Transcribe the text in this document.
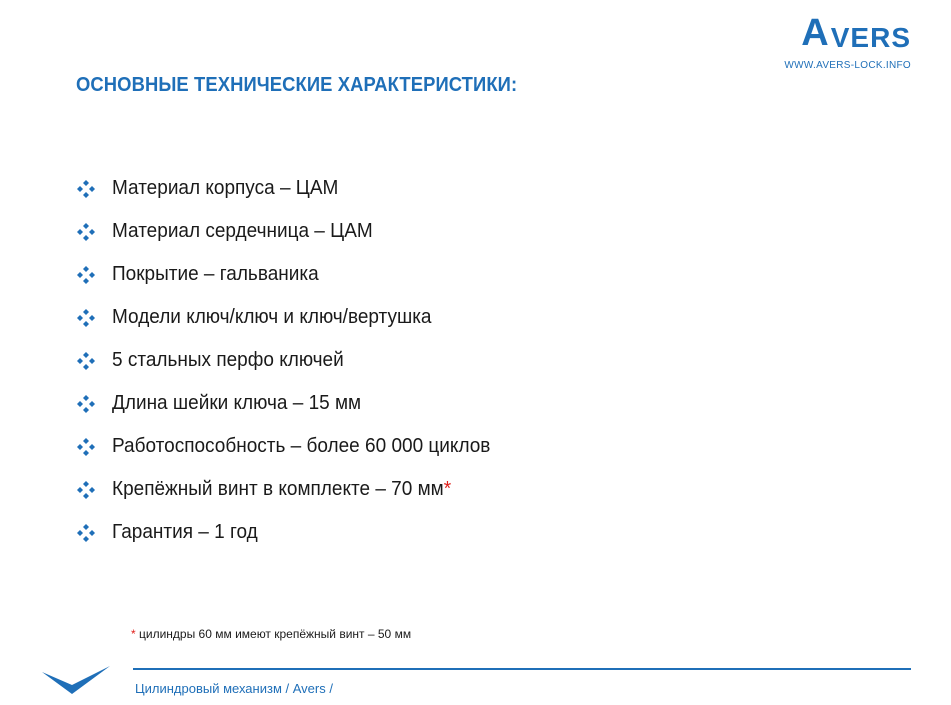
A VERS
WWW.AVERS-LOCK.INFO
ОСНОВНЫЕ ТЕХНИЧЕСКИЕ ХАРАКТЕРИСТИКИ:
Материал корпуса – ЦАМ
Материал сердечница – ЦАМ
Покрытие – гальваника
Модели ключ/ключ и ключ/вертушка
5 стальных перфо ключей
Длина шейки ключа – 15 мм
Работоспособность – более 60 000 циклов
Крепёжный винт в комплекте – 70 мм*
Гарантия – 1 год
* цилиндры 60 мм имеют крепёжный винт – 50 мм
Цилиндровый механизм / Avers /
